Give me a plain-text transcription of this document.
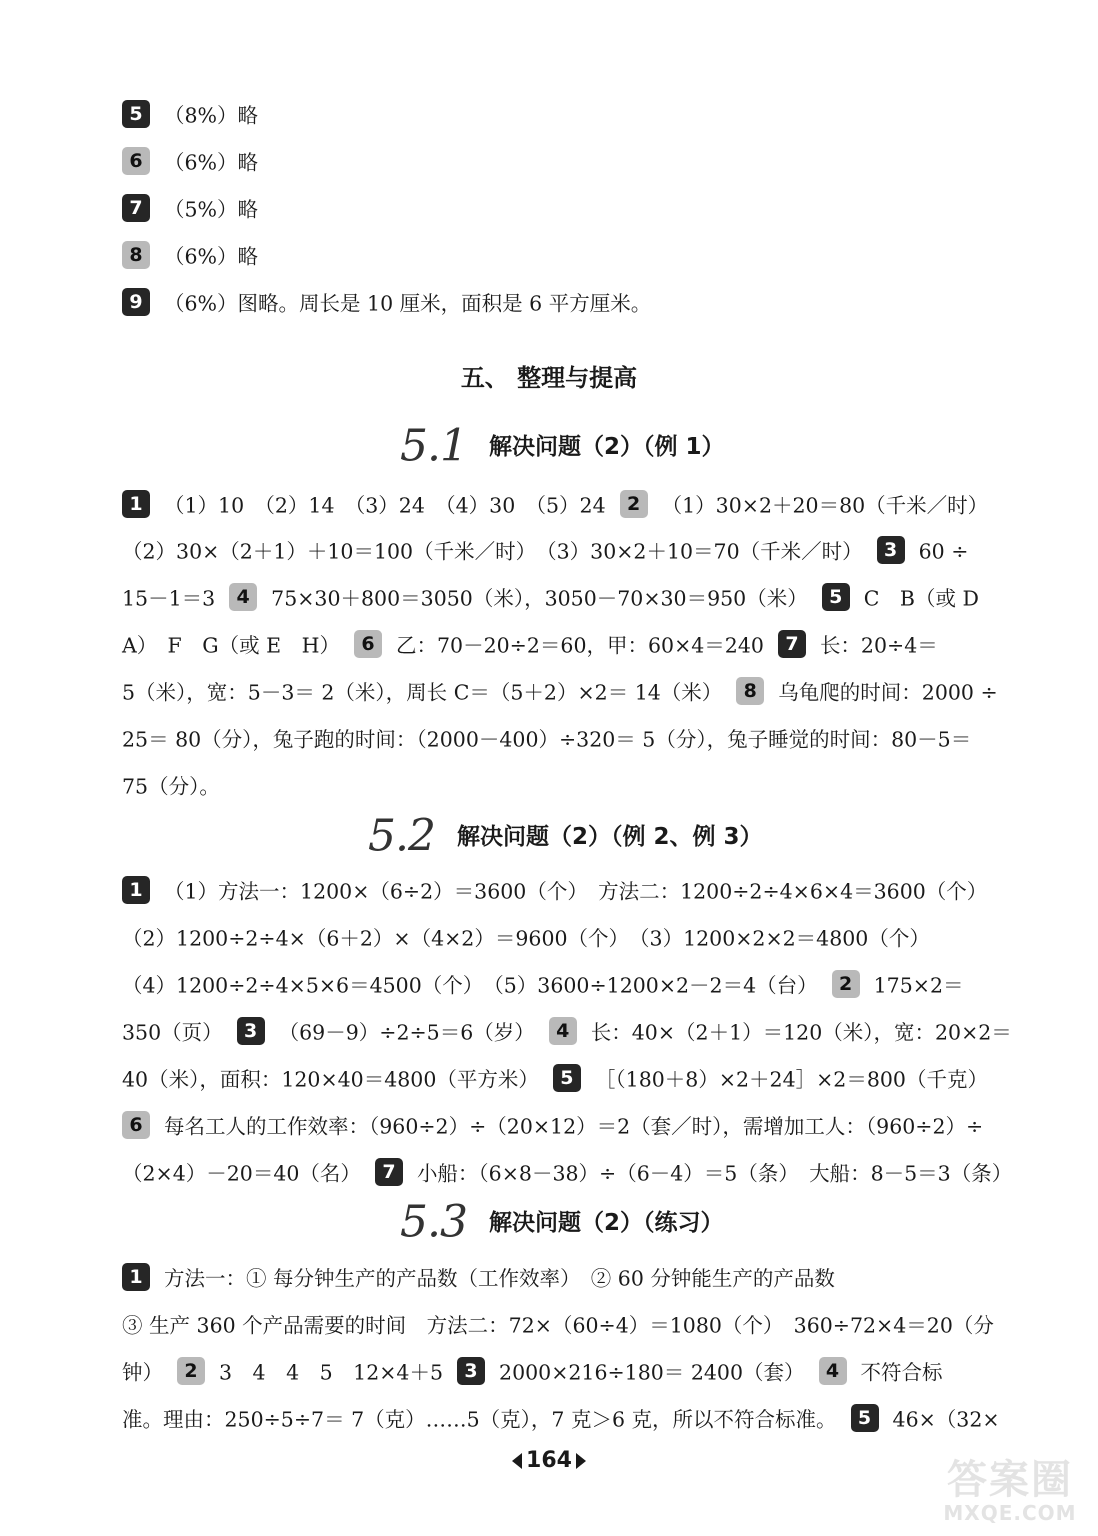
5 （8%）略
6 （6%）略
7 （5%）略
8 （6%）略
9 （6%）图略。周长是 10 厘米，面积是 6 平方厘米。
五、 整理与提高
5.1 解决问题（2）（例 1）
1 （1）10　（2）14　（3）24　（4）30　（5）24 2 （1）30×2＋20＝80（千米／时）
（2）30×（2＋1）＋10＝100（千米／时）　（3）30×2＋10＝70（千米／时） 3 60 ÷
15－1＝3 4 75×30＋800＝3050（米），3050－70×30＝950（米） 5 C　B（或 D
A）　F　G（或 E　H） 6 乙：70－20÷2＝60，甲：60×4＝240 7 长：20÷4＝
5（米），宽：5－3＝ 2（米），周长 C＝（5＋2）×2＝ 14（米） 8 乌龟爬的时间：2000 ÷
25＝ 80（分），兔子跑的时间：（2000－400）÷320＝ 5（分），兔子睡觉的时间：80－5＝
75（分）。
5.2 解决问题（2）（例 2、例 3）
1 （1）方法一：1200×（6÷2）＝3600（个）　方法二：1200÷2÷4×6×4＝3600（个）
（2）1200÷2÷4×（6＋2）×（4×2）＝9600（个）　（3）1200×2×2＝4800（个）
（4）1200÷2÷4×5×6＝4500（个）　（5）3600÷1200×2－2＝4（台） 2 175×2＝
350（页） 3 （69－9）÷2÷5＝6（岁） 4 长：40×（2＋1）＝120（米），宽：20×2＝
40（米），面积：120×40＝4800（平方米） 5 ［（180＋8）×2＋24］×2＝800（千克）
6 每名工人的工作效率：（960÷2）÷（20×12）＝2（套／时），需增加工人：（960÷2）÷
（2×4）－20＝40（名） 7 小船：（6×8－38）÷（6－4）＝5（条）　大船：8－5＝3（条）
5.3 解决问题（2）（练习）
1 方法一：① 每分钟生产的产品数（工作效率）　② 60 分钟能生产的产品数
③ 生产 360 个产品需要的时间　方法二：72×（60÷4）＝1080（个）　360÷72×4＝20（分
钟） 2 3　4　4　5　12×4＋5 3 2000×216÷180＝ 2400（套） 4 不符合标
准。理由：250÷5÷7＝ 7（克）……5（克），7 克＞6 克，所以不符合标准。 5 46×（32×
164	答案圈
MXQE.COM
